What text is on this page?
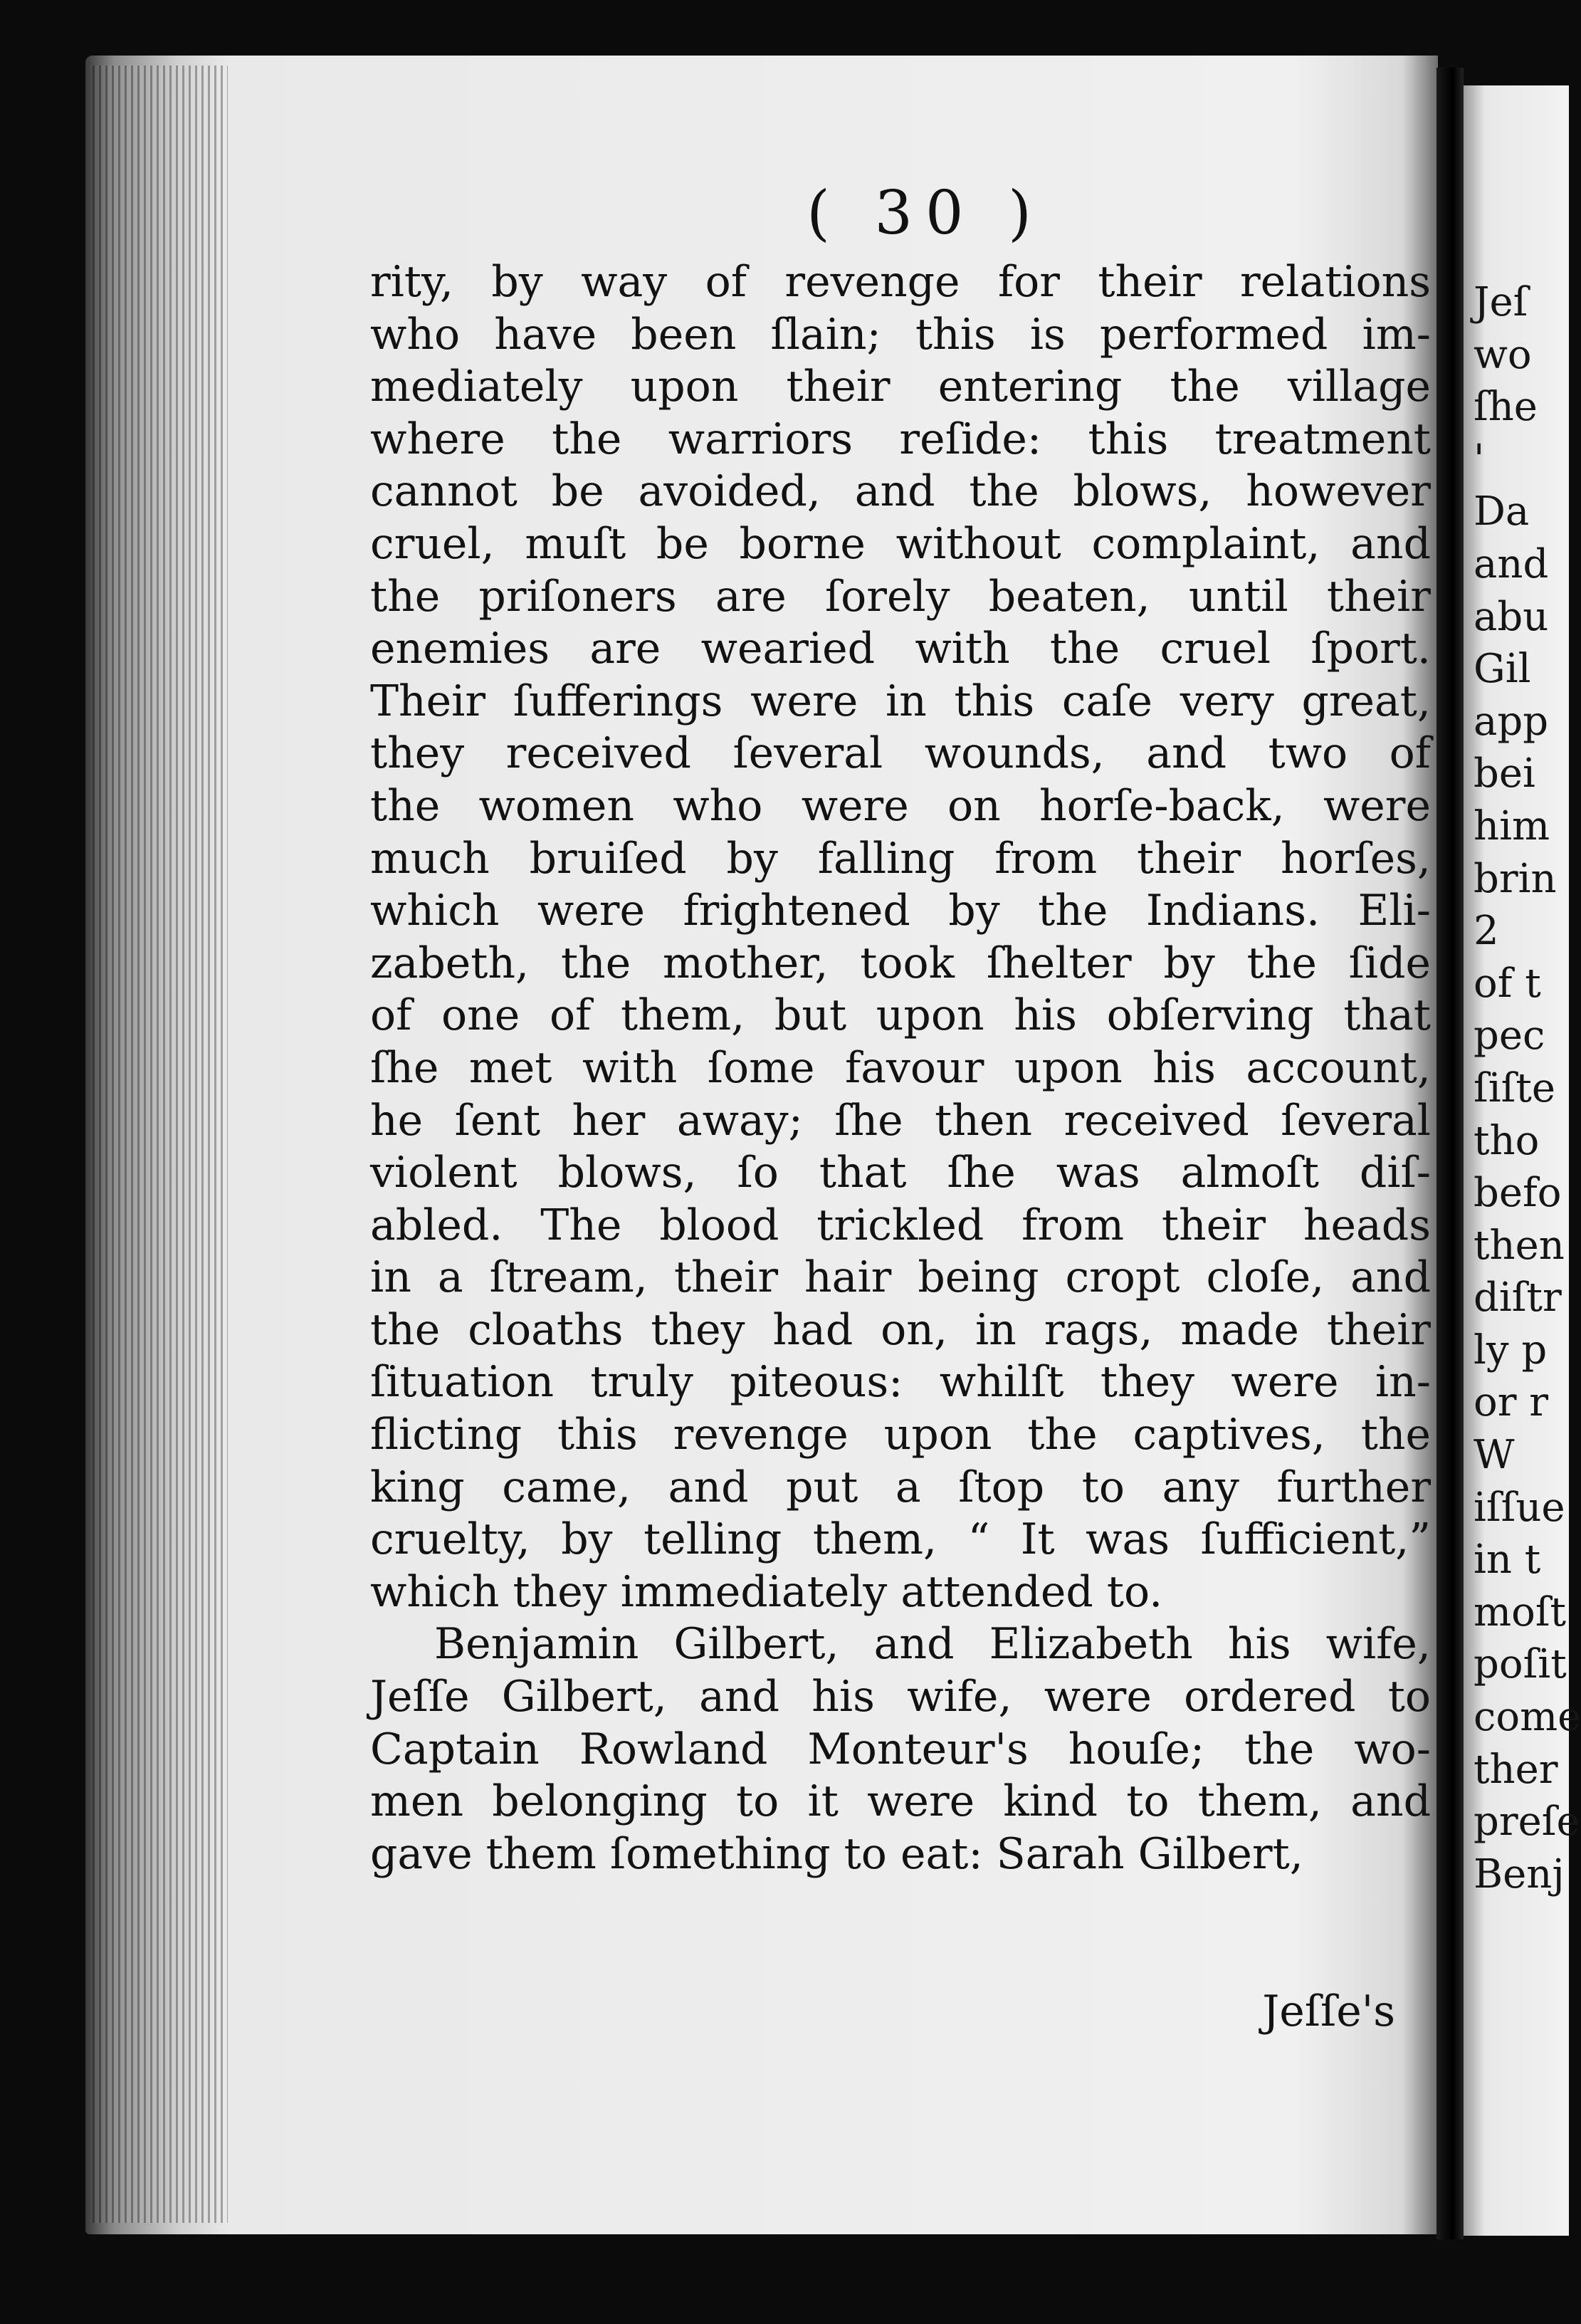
( 30 )
rity, by way of revenge for their relations
who have been ſlain; this is performed im-
mediately upon their entering the village
where the warriors reſide: this treatment
cannot be avoided, and the blows, however
cruel, muſt be borne without complaint, and
the priſoners are ſorely beaten, until their
enemies are wearied with the cruel ſport.
Their ſufferings were in this caſe very great,
they received ſeveral wounds, and two of
the women who were on horſe-back, were
much bruiſed by falling from their horſes,
which were frightened by the Indians. Eli-
zabeth, the mother, took ſhelter by the ſide
of one of them, but upon his obſerving that
ſhe met with ſome favour upon his account,
he ſent her away; ſhe then received ſeveral
violent blows, ſo that ſhe was almoſt diſ-
abled. The blood trickled from their heads
in a ſtream, their hair being cropt cloſe, and
the cloaths they had on, in rags, made their
ſituation truly piteous: whilſt they were in-
flicting this revenge upon the captives, the
king came, and put a ſtop to any further
cruelty, by telling them, “ It was ſufficient,”
which they immediately attended to.
Benjamin Gilbert, and Elizabeth his wife,
Jeſſe Gilbert, and his wife, were ordered to
Captain Rowland Monteur's houſe; the wo-
men belonging to it were kind to them, and
gave them ſomething to eat: Sarah Gilbert,
Jeſſe's
Jeſ
wo
ſhe
'
Da
and
abu
Gil
app
bei
him
brin
2
of t
pec
ſiſte
tho
befo
then
diſtr
ly p
or r
W
iſſue
in t
moſt
poſit
come
ther
preſe
Benj
